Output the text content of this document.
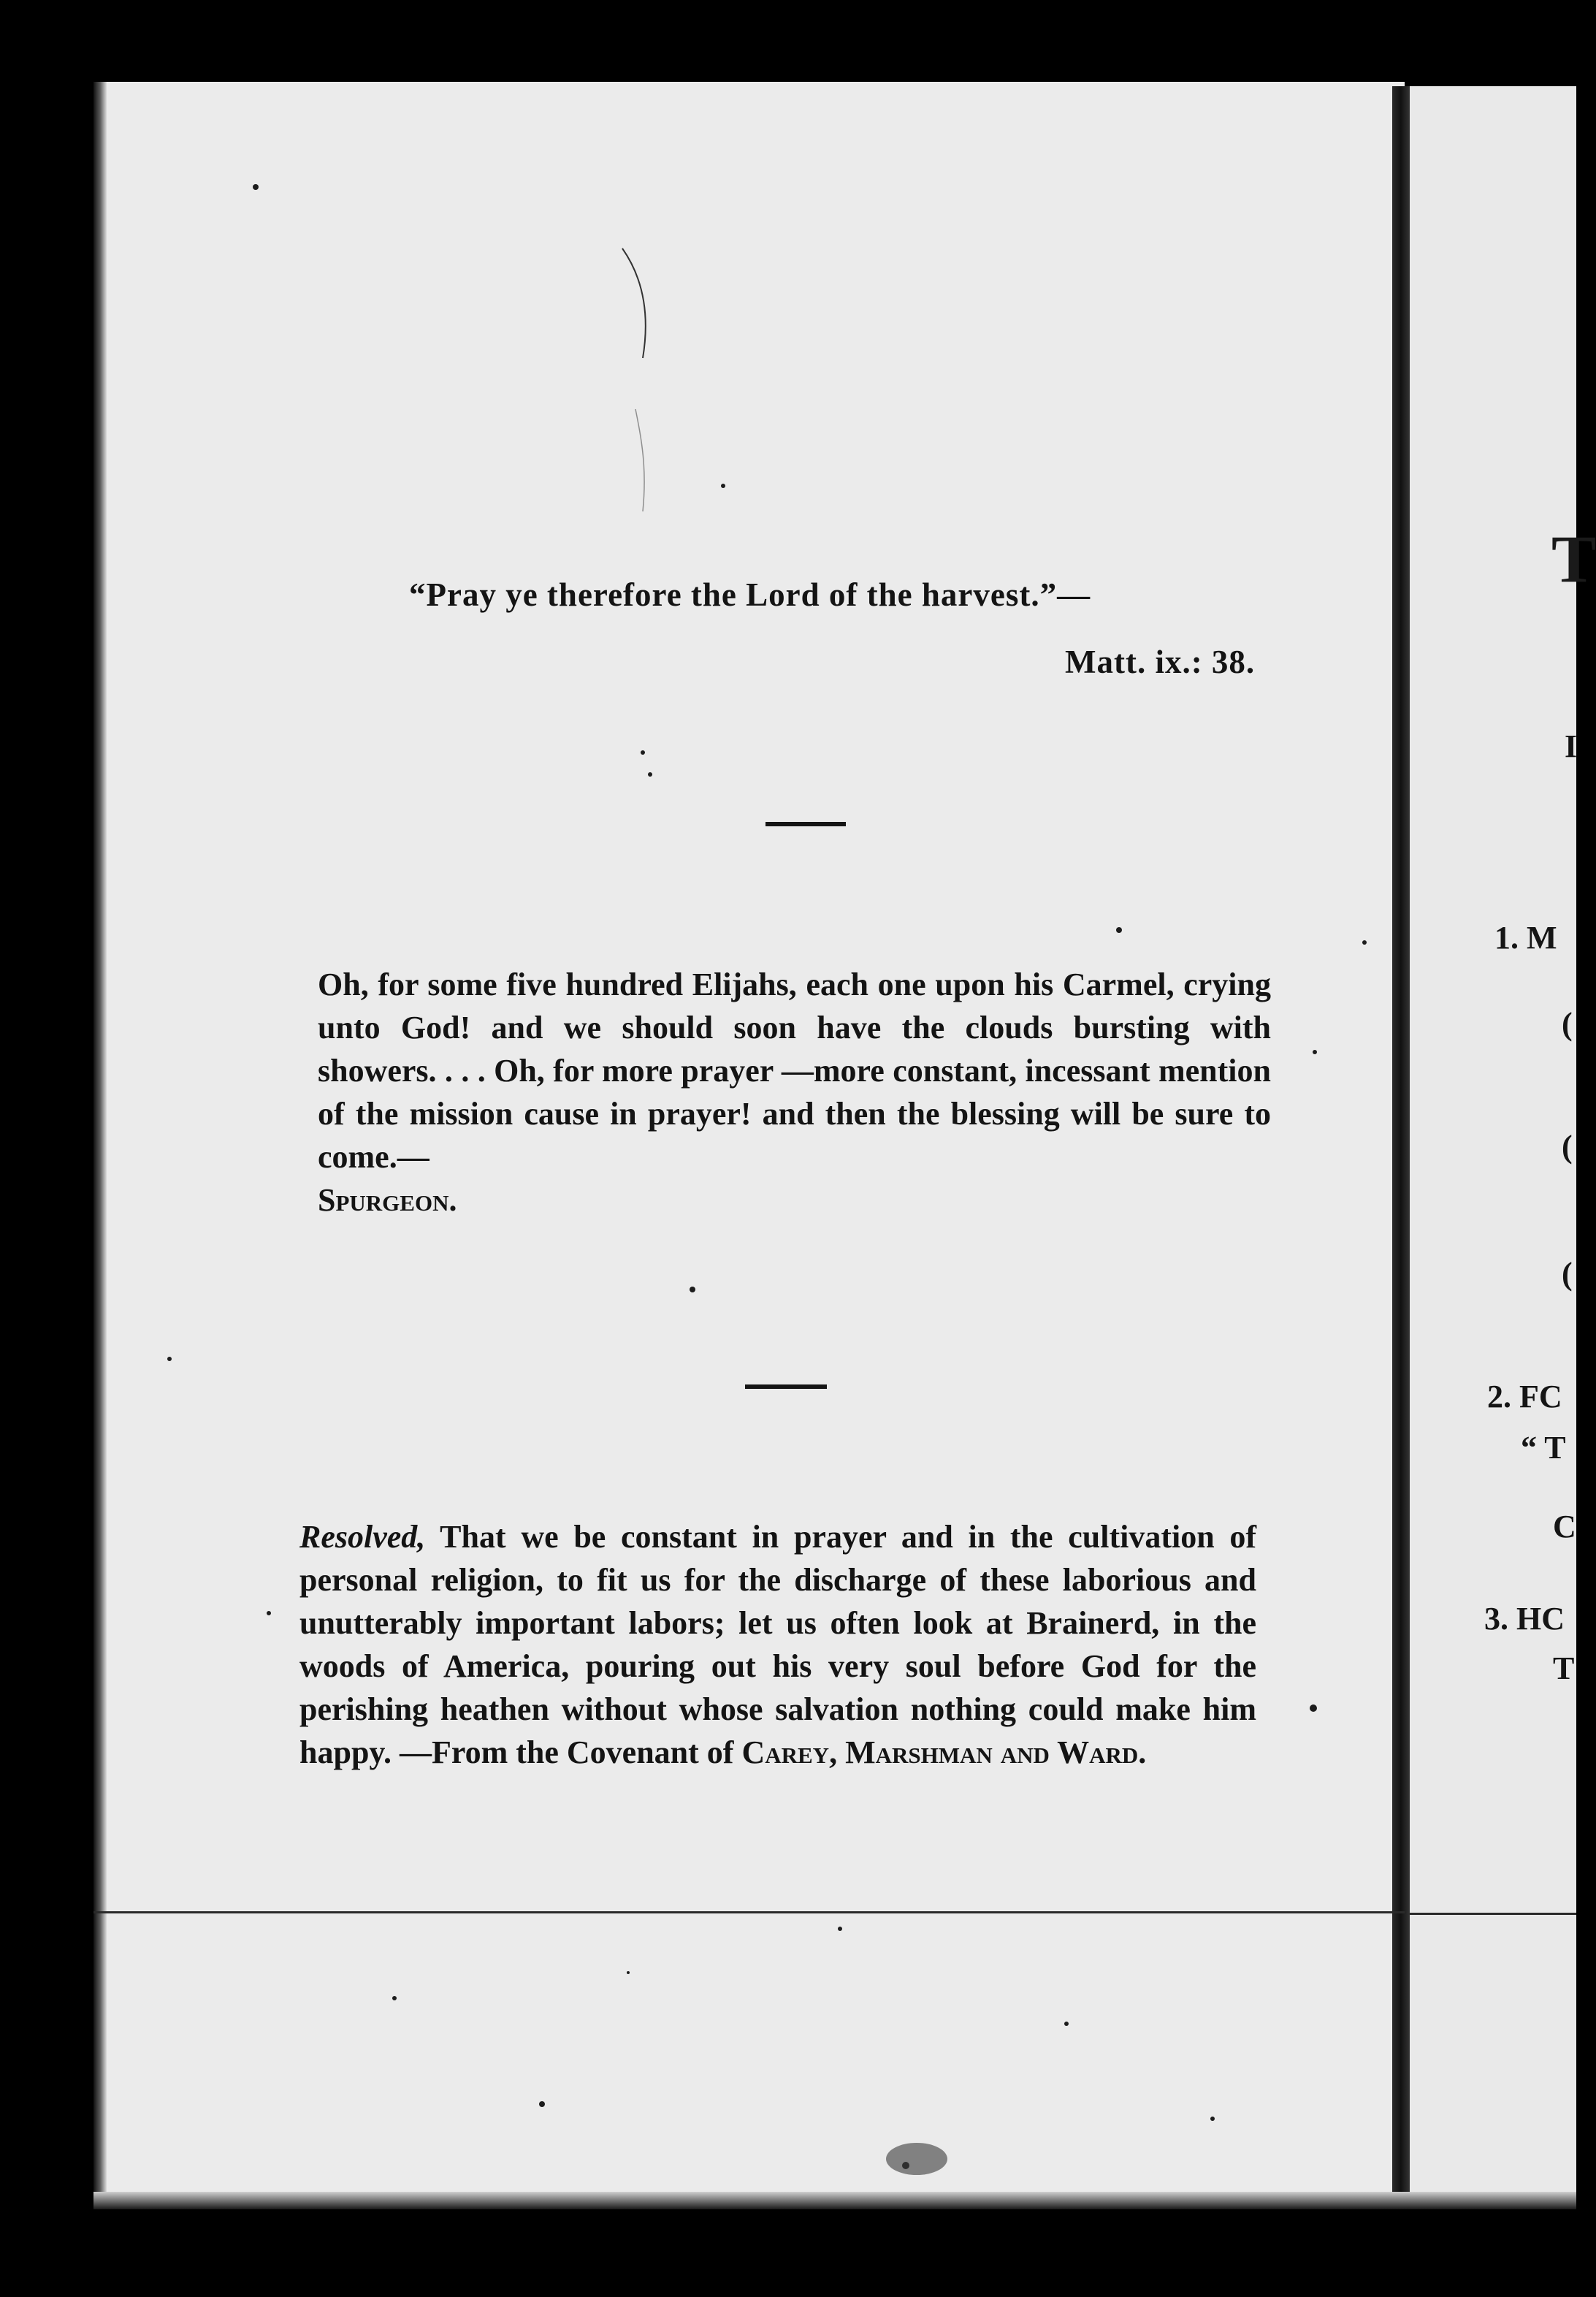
“Pray ye therefore the Lord of the harvest.”—
Matt. ix.: 38.
Oh, for some five hundred Elijahs, each one upon his Carmel, crying unto God! and we should soon have the clouds bursting with showers. . . . Oh, for more prayer —more constant, incessant mention of the mission cause in prayer! and then the blessing will be sure to come.—
Spurgeon.
Resolved, That we be constant in prayer and in the cultivation of personal religion, to fit us for the discharge of these laborious and unutterably important labors; let us often look at Brainerd, in the woods of America, pouring out his very soul before God for the perishing heathen without whose salvation nothing could make him happy. —From the Covenant of Carey, Marshman and Ward.
T
I
1. M
(
(
(
2. FC
“ T
C
3. HC
T
